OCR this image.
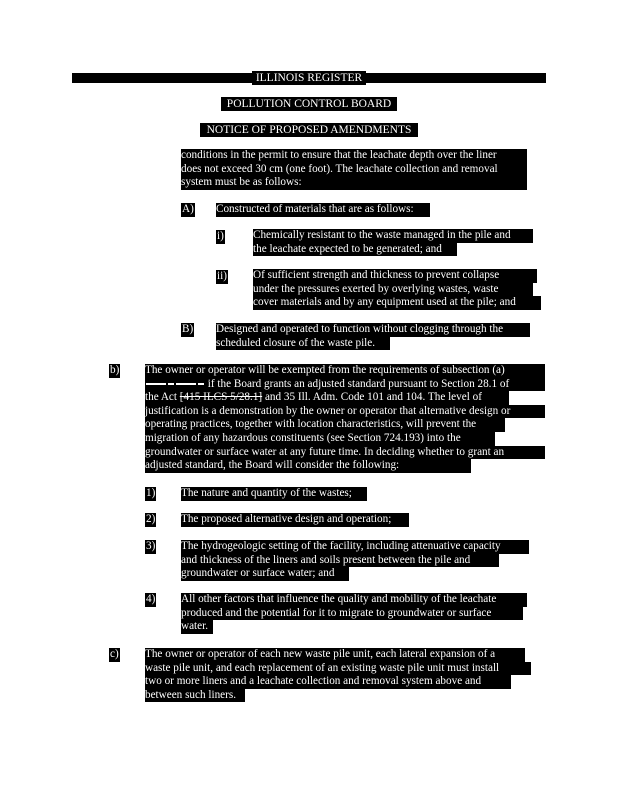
ILLINOIS REGISTER
POLLUTION CONTROL BOARD
NOTICE OF PROPOSED AMENDMENTS
conditions in the permit to ensure that the leachate depth over the liner
does not exceed 30 cm (one foot). The leachate collection and removal
system must be as follows:
A) Constructed of materials that are as follows:
i)	Chemically resistant to the waste managed in the pile and
the leachate expected to be generated; and
ii) Of sufficient strength and thickness to prevent collapse
under the pressures exerted by overlying wastes, waste
cover materials and by any equipment used at the pile; and
B) Designed and operated to function without clogging through the
scheduled closure of the waste pile.
b) The owner or operator will be exempted from the requirements of subsection (a)
if the Board grants an adjusted standard pursuant to Section 28.1 of
the Act [415 ILCS 5/28.1] and 35 Ill. Adm. Code 101 and 104. The level of
justification is a demonstration by the owner or operator that alternative design or
operating practices, together with location characteristics, will prevent the
migration of any hazardous constituents (see Section 724.193) into the
groundwater or surface water at any future time. In deciding whether to grant an
adjusted standard, the Board will consider the following:
1) The nature and quantity of the wastes;
2) The proposed alternative design and operation;
3) The hydrogeologic setting of the facility, including attenuative capacity
and thickness of the liners and soils present between the pile and
groundwater or surface water; and
4) All other factors that influence the quality and mobility of the leachate
produced and the potential for it to migrate to groundwater or surface
water.
c) The owner or operator of each new waste pile unit, each lateral expansion of a
waste pile unit, and each replacement of an existing waste pile unit must install
two or more liners and a leachate collection and removal system above and
between such liners.
